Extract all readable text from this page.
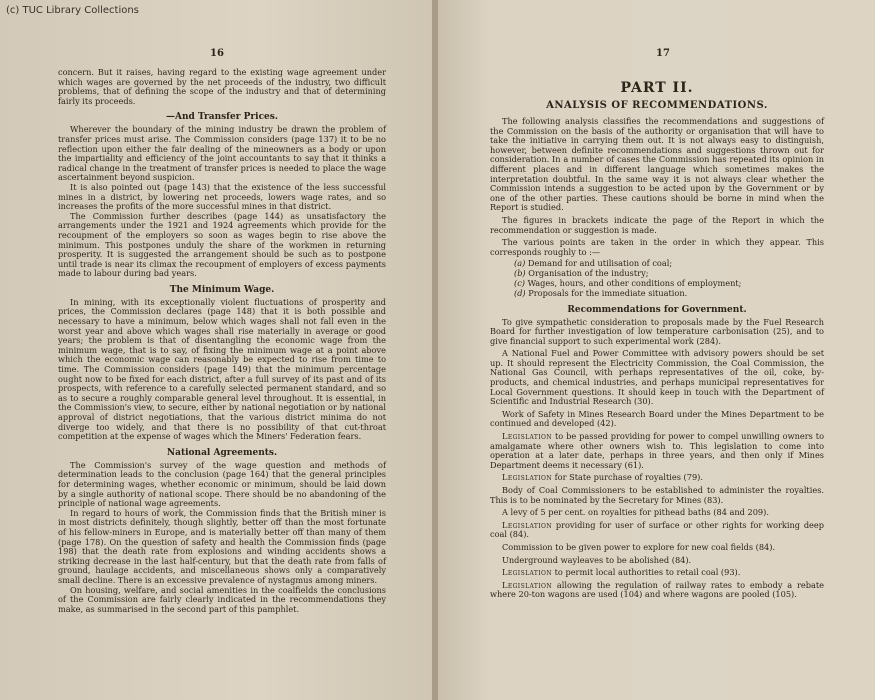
(c) TUC Library Collections
16

concern. But it raises, having regard to the existing wage agreement under which wages are governed by the net proceeds of the industry, two difficult problems, that of defining the scope of the industry and that of determining fairly its proceeds.

—And Transfer Prices.

Wherever the boundary of the mining industry be drawn the problem of transfer prices must arise. The Commission considers (page 137) it to be no reflection upon either the fair dealing of the mineowners as a body or upon the impartiality and efficiency of the joint accountants to say that it thinks a radical change in the treatment of transfer prices is needed to place the wage ascertainment beyond suspicion.

It is also pointed out (page 143) that the existence of the less successful mines in a district, by lowering net proceeds, lowers wage rates, and so increases the profits of the more successful mines in that district.

The Commission further describes (page 144) as unsatisfactory the arrangements under the 1921 and 1924 agreements which provide for the recoupment of the employers so soon as wages begin to rise above the minimum. This postpones unduly the share of the workmen in returning prosperity. It is suggested the arrangement should be such as to postpone until trade is near its climax the recoupment of employers of excess payments made to labour during bad years.

The Minimum Wage.

In mining, with its exceptionally violent fluctuations of prosperity and prices, the Commission declares (page 148) that it is both possible and necessary to have a minimum, below which wages shall not fall even in the worst year and above which wages shall rise materially in average or good years; the problem is that of disentangling the economic wage from the minimum wage, that is to say, of fixing the minimum wage at a point above which the economic wage can reasonably be expected to rise from time to time. The Commission considers (page 149) that the minimum percentage ought now to be fixed for each district, after a full survey of its past and of its prospects, with reference to a carefully selected permanent standard, and so as to secure a roughly comparable general level throughout. It is essential, in the Commission's view, to secure, either by national negotiation or by national approval of district negotiations, that the various district minima do not diverge too widely, and that there is no possibility of that cut-throat competition at the expense of wages which the Miners' Federation fears.

National Agreements.

The Commission's survey of the wage question and methods of determination leads to the conclusion (page 164) that the general principles for determining wages, whether economic or minimum, should be laid down by a single authority of national scope. There should be no abandoning of the principle of national wage agreements.

In regard to hours of work, the Commission finds that the British miner is in most districts definitely, though slightly, better off than the most fortunate of his fellow-miners in Europe, and is materially better off than many of them (page 178). On the question of safety and health the Commission finds (page 198) that the death rate from explosions and winding accidents shows a striking decrease in the last half-century, but that the death rate from falls of ground, haulage accidents, and miscellaneous shows only a comparatively small decline. There is an excessive prevalence of nystagmus among miners.

On housing, welfare, and social amenities in the coalfields the conclusions of the Commission are fairly clearly indicated in the recommendations they make, as summarised in the second part of this pamphlet.

17
PART II.
ANALYSIS OF RECOMMENDATIONS.

The following analysis classifies the recommendations and suggestions of the Commission on the basis of the authority or organisation that will have to take the initiative in carrying them out. It is not always easy to distinguish, however, between definite recommendations and suggestions thrown out for consideration. In a number of cases the Commission has repeated its opinion in different places and in different language which sometimes makes the interpretation doubtful. In the same way it is not always clear whether the Commission intends a suggestion to be acted upon by the Government or by one of the other parties. These cautions should be borne in mind when the Report is studied.

The figures in brackets indicate the page of the Report in which the recommendation or suggestion is made.

The various points are taken in the order in which they appear. This corresponds roughly to :—

(a) Demand for and utilisation of coal;
(b) Organisation of the industry;
(c) Wages, hours, and other conditions of employment;
(d) Proposals for the immediate situation.
Recommendations for Government.

To give sympathetic consideration to proposals made by the Fuel Research Board for further investigation of low temperature carbonisation (25), and to give financial support to such experimental work (284).

A National Fuel and Power Committee with advisory powers should be set up. It should represent the Electricity Commission, the Coal Commission, the National Gas Council, with perhaps representatives of the oil, coke, by-products, and chemical industries, and perhaps municipal representatives for Local Government questions. It should keep in touch with the Department of Scientific and Industrial Research (30).

Work of Safety in Mines Research Board under the Mines Department to be continued and developed (42).

Legislation to be passed providing for power to compel unwilling owners to amalgamate where other owners wish to. This legislation to come into operation at a later date, perhaps in three years, and then only if Mines Department deems it necessary (61).

Legislation for State purchase of royalties (79).

Body of Coal Commissioners to be established to administer the royalties. This is to be nominated by the Secretary for Mines (83).

A levy of 5 per cent. on royalties for pithead baths (84 and 209).

Legislation providing for user of surface or other rights for working deep coal (84).

Commission to be given power to explore for new coal fields (84).

Underground wayleaves to be abolished (84).

Legislation to permit local authorities to retail coal (93).

Legislation allowing the regulation of railway rates to embody a rebate where 20-ton wagons are used (104) and where wagons are pooled (105).
